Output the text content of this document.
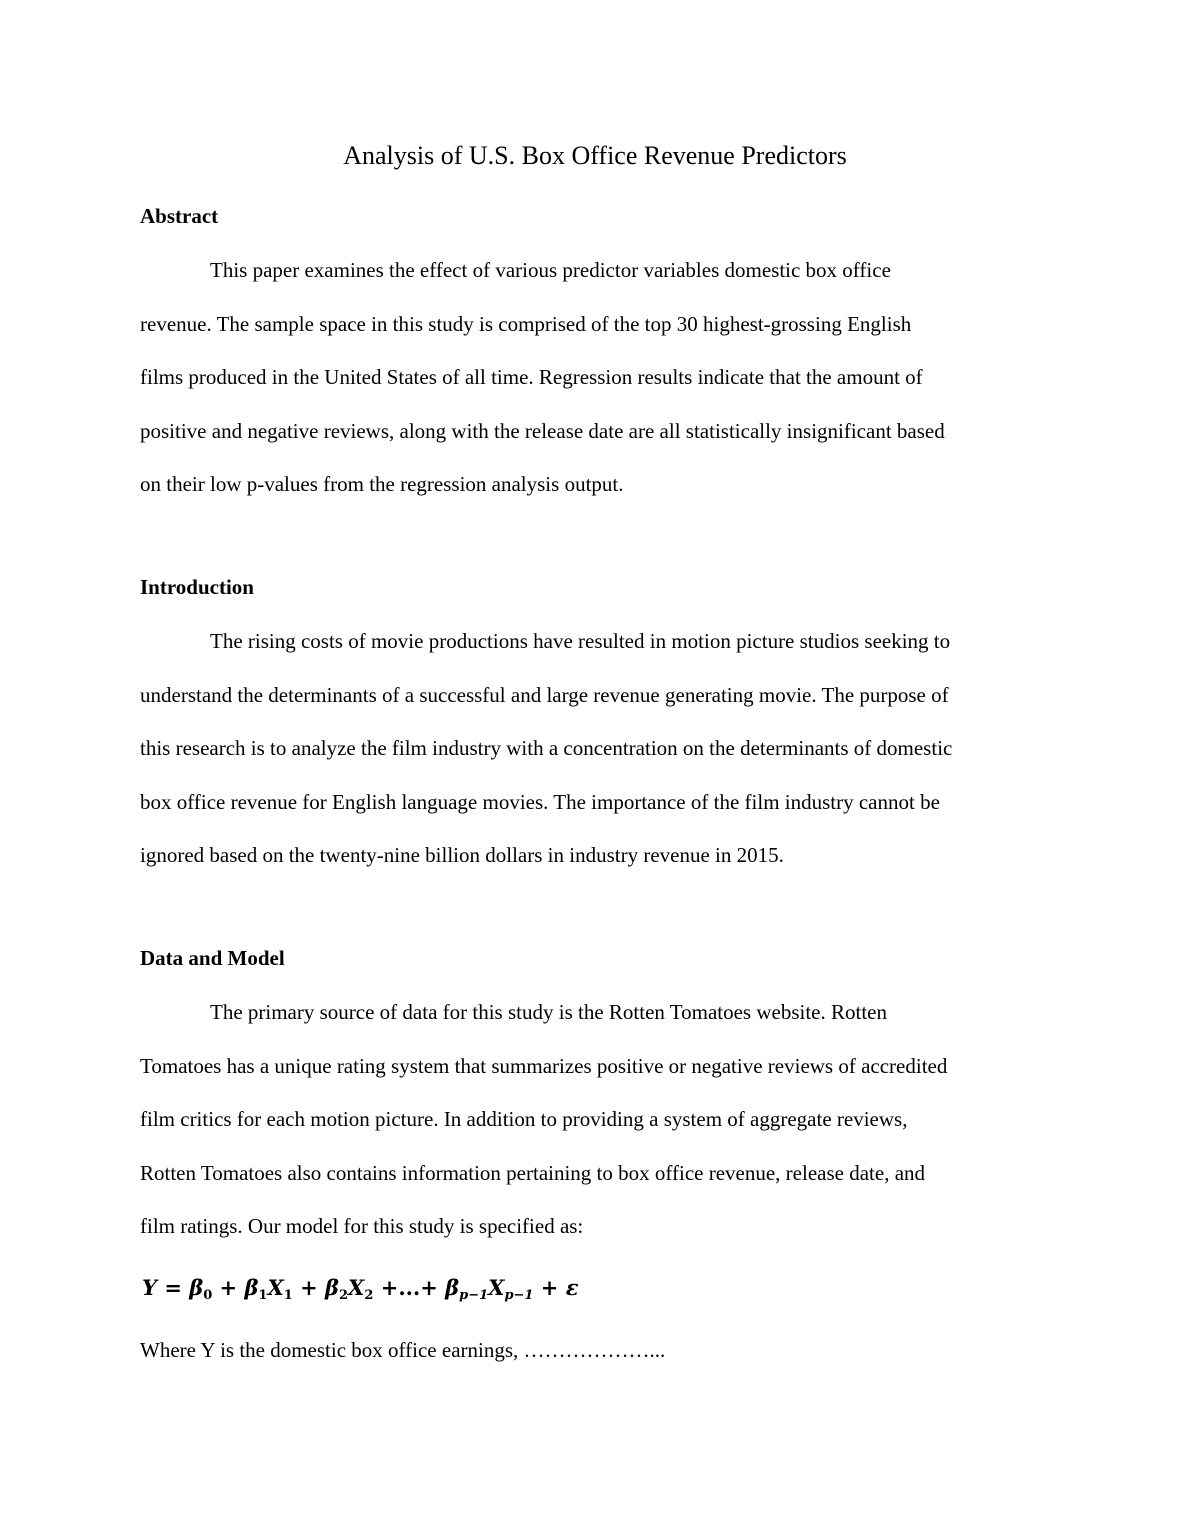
Analysis of U.S. Box Office Revenue Predictors
Abstract
This paper examines the effect of various predictor variables domestic box office
revenue. The sample space in this study is comprised of the top 30 highest-grossing English
films produced in the United States of all time. Regression results indicate that the amount of
positive and negative reviews, along with the release date are all statistically insignificant based
on their low p-values from the regression analysis output.
Introduction
The rising costs of movie productions have resulted in motion picture studios seeking to
understand the determinants of a successful and large revenue generating movie. The purpose of
this research is to analyze the film industry with a concentration on the determinants of domestic
box office revenue for English language movies. The importance of the film industry cannot be
ignored based on the twenty-nine billion dollars in industry revenue in 2015.
Data and Model
The primary source of data for this study is the Rotten Tomatoes website. Rotten
Tomatoes has a unique rating system that summarizes positive or negative reviews of accredited
film critics for each motion picture. In addition to providing a system of aggregate reviews,
Rotten Tomatoes also contains information pertaining to box office revenue, release date, and
film ratings. Our model for this study is specified as:
$Y = \beta_0 + \beta_1X_1 + \beta_2X_2$ +...+ $\beta_{p-1}X_{p-1} + \varepsilon$

Where Y is the domestic box office earnings, ………………...
